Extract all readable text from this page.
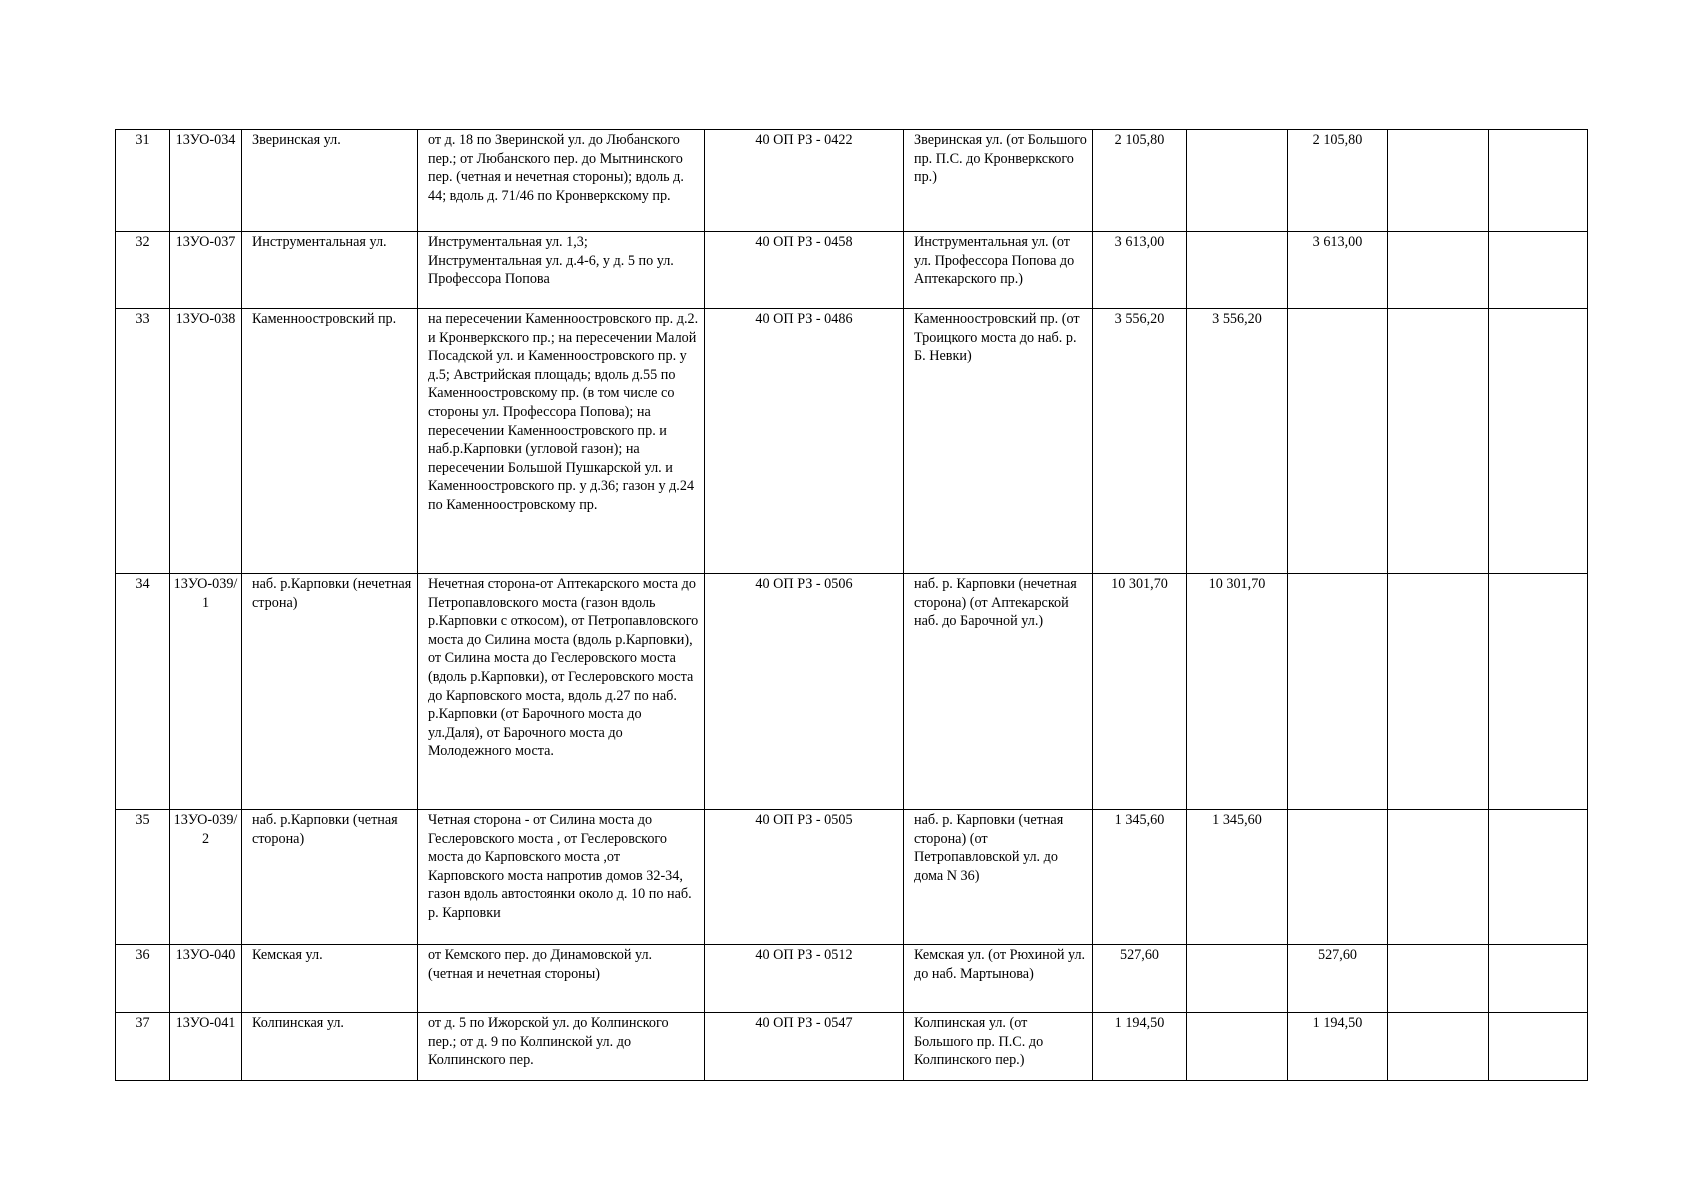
31	13УО-034	Зверинская ул.	от д. 18 по Зверинской ул. до Любанского пер.; от Любанского пер. до Мытнинского пер. (четная и нечетная стороны); вдоль д. 44; вдоль д. 71/46 по Кронверкскому пр.	40 ОП РЗ - 0422	Зверинская ул. (от Большого пр. П.С. до Кронверкского пр.)	2 105,80		2 105,80		
32	13УО-037	Инструментальная ул.	Инструментальная ул. 1,3; Инструментальная ул. д.4-6, у д. 5 по ул. Профессора Попова	40 ОП РЗ - 0458	Инструментальная ул. (от ул. Профессора Попова до Аптекарского пр.)	3 613,00		3 613,00		
33	13УО-038	Каменноостровский пр.	на пересечении Каменноостровского пр. д.2. и Кронверкского пр.; на пересечении Малой Посадской ул. и Каменноостровского пр. у д.5; Австрийская площадь; вдоль д.55 по Каменноостровскому пр. (в том числе со стороны ул. Профессора Попова); на пересечении Каменноостровского пр. и наб.р.Карповки (угловой газон); на пересечении Большой Пушкарской ул. и Каменноостровского пр. у д.36; газон у д.24 по Каменноостровскому пр.	40 ОП РЗ - 0486	Каменноостровский пр. (от Троицкого моста до наб. р. Б. Невки)	3 556,20	3 556,20			
34	13УО-039/1	наб. р.Карповки (нечетная строна)	Нечетная сторона-от Аптекарского моста до Петропавловского моста (газон вдоль р.Карповки с откосом), от Петропавловского моста до Силина моста (вдоль р.Карповки), от Силина моста до Геслеровского моста (вдоль р.Карповки), от Геслеровского моста до Карповского моста, вдоль д.27 по наб. р.Карповки (от Барочного моста до ул.Даля), от Барочного моста до Молодежного моста.	40 ОП РЗ - 0506	наб. р. Карповки (нечетная сторона) (от Аптекарской наб. до Барочной ул.)	10 301,70	10 301,70			
35	13УО-039/2	наб. р.Карповки (четная сторона)	Четная сторона - от Силина моста до Геслеровского моста , от Геслеровского моста до Карповского моста ,от Карповского моста напротив домов 32-34, газон вдоль автостоянки около д. 10 по наб. р. Карповки	40 ОП РЗ - 0505	наб. р. Карповки (четная сторона) (от Петропавловской ул. до дома N 36)	1 345,60	1 345,60			
36	13УО-040	Кемская ул.	от Кемского пер. до Динамовской ул. (четная и нечетная стороны)	40 ОП РЗ - 0512	Кемская ул. (от Рюхиной ул. до наб. Мартынова)	527,60		527,60		
37	13УО-041	Колпинская ул.	от д. 5 по Ижорской ул. до Колпинского пер.; от д. 9 по Колпинской ул. до Колпинского пер.	40 ОП РЗ - 0547	Колпинская ул. (от Большого пр. П.С. до Колпинского пер.)	1 194,50		1 194,50		
